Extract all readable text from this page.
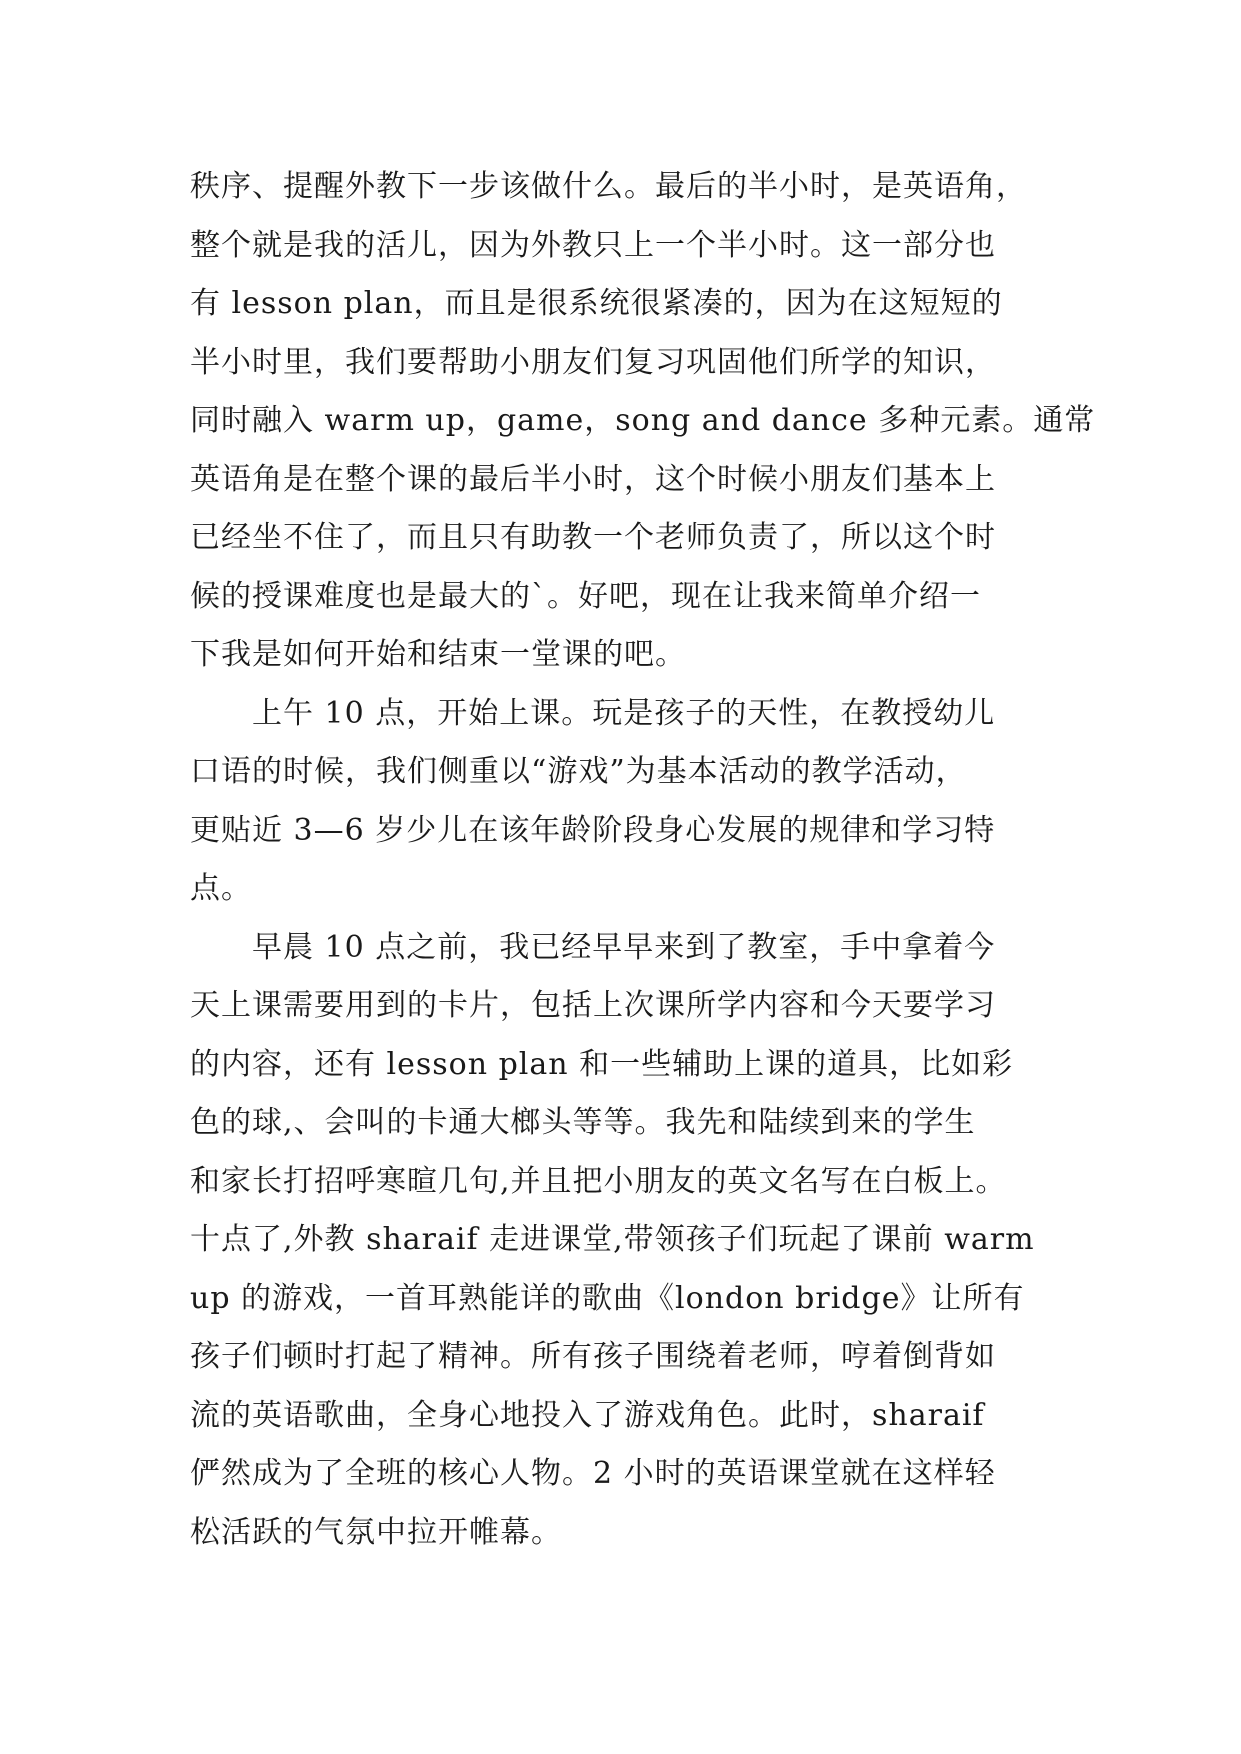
秩序、提醒外教下一步该做什么。最后的半小时，是英语角，
整个就是我的活儿，因为外教只上一个半小时。这一部分也
有 lesson plan，而且是很系统很紧凑的，因为在这短短的
半小时里，我们要帮助小朋友们复习巩固他们所学的知识，
同时融入 warm up，game，song and dance 多种元素。通常
英语角是在整个课的最后半小时，这个时候小朋友们基本上
已经坐不住了，而且只有助教一个老师负责了，所以这个时
候的授课难度也是最大的`。好吧，现在让我来简单介绍一
下我是如何开始和结束一堂课的吧。
　　上午 10 点，开始上课。玩是孩子的天性，在教授幼儿
口语的时候，我们侧重以“游戏”为基本活动的教学活动，
更贴近 3—6 岁少儿在该年龄阶段身心发展的规律和学习特
点。
　　早晨 10 点之前，我已经早早来到了教室，手中拿着今
天上课需要用到的卡片，包括上次课所学内容和今天要学习
的内容，还有 lesson plan 和一些辅助上课的道具，比如彩
色的球,、会叫的卡通大榔头等等。我先和陆续到来的学生
和家长打招呼寒暄几句,并且把小朋友的英文名写在白板上。
十点了,外教 sharaif 走进课堂,带领孩子们玩起了课前 warm
up 的游戏，一首耳熟能详的歌曲《london bridge》让所有
孩子们顿时打起了精神。所有孩子围绕着老师，哼着倒背如
流的英语歌曲，全身心地投入了游戏角色。此时，sharaif
俨然成为了全班的核心人物。2 小时的英语课堂就在这样轻
松活跃的气氛中拉开帷幕。
